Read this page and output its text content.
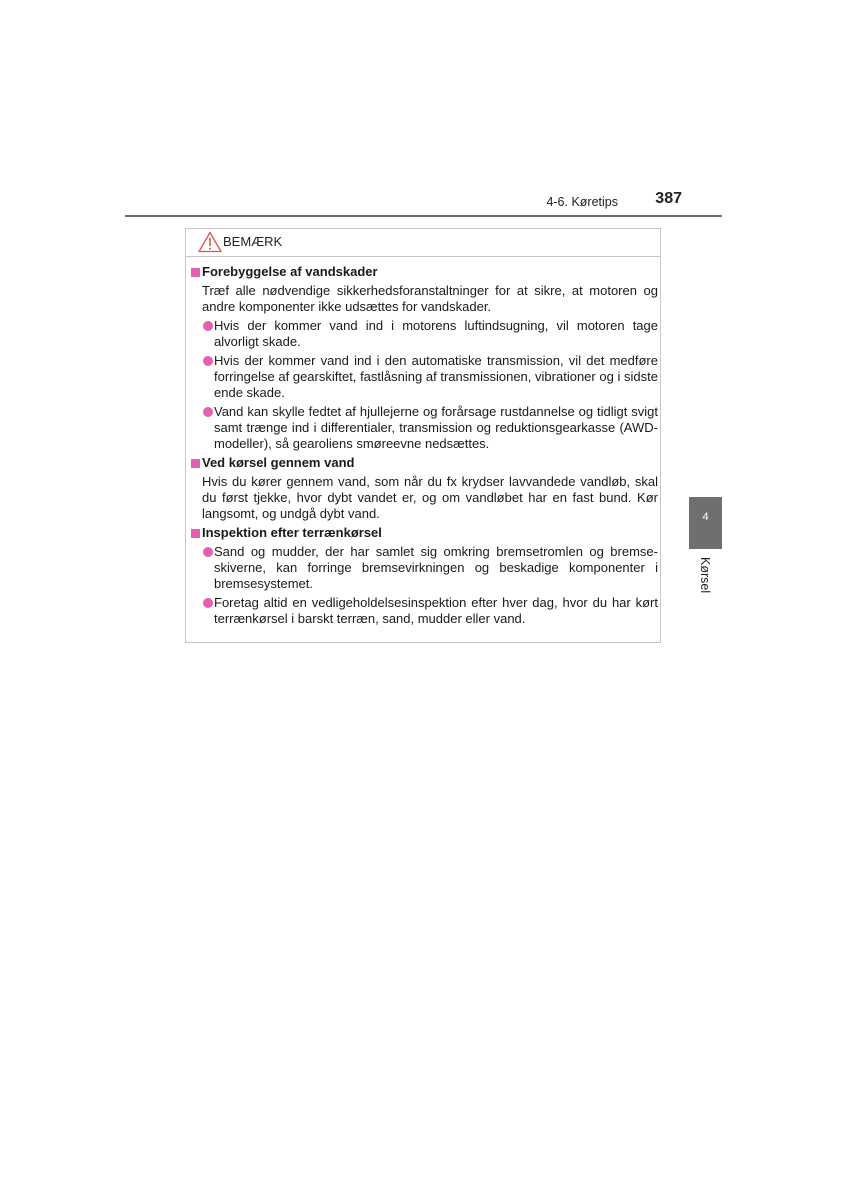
4-6. Køretips 387
BEMÆRK
Forebyggelse af vandskader
Træf alle nødvendige sikkerhedsforanstaltninger for at sikre, at motoren og andre komponenter ikke udsættes for vandskader.
Hvis der kommer vand ind i motorens luftindsugning, vil motoren tage alvorligt skade.
Hvis der kommer vand ind i den automatiske transmission, vil det medføre forringelse af gearskiftet, fastlåsning af transmissionen, vibrationer og i sidste ende skade.
Vand kan skylle fedtet af hjullejerne og forårsage rustdannelse og tidligt svigt samt trænge ind i differentialer, transmission og reduktionsgearkasse (AWD-modeller), så gearoliens smøreevne nedsættes.
Ved kørsel gennem vand
Hvis du kører gennem vand, som når du fx krydser lavvandede vandløb, skal du først tjekke, hvor dybt vandet er, og om vandløbet har en fast bund. Kør langsomt, og undgå dybt vand.
Inspektion efter terrænkørsel
Sand og mudder, der har samlet sig omkring bremsetromlen og bremseskiverne, kan forringe bremsevirkningen og beskadige komponenter i bremsesystemet.
Foretag altid en vedligeholdelsesinspektion efter hver dag, hvor du har kørt terrænkørsel i barskt terræn, sand, mudder eller vand.
4
Kørsel
